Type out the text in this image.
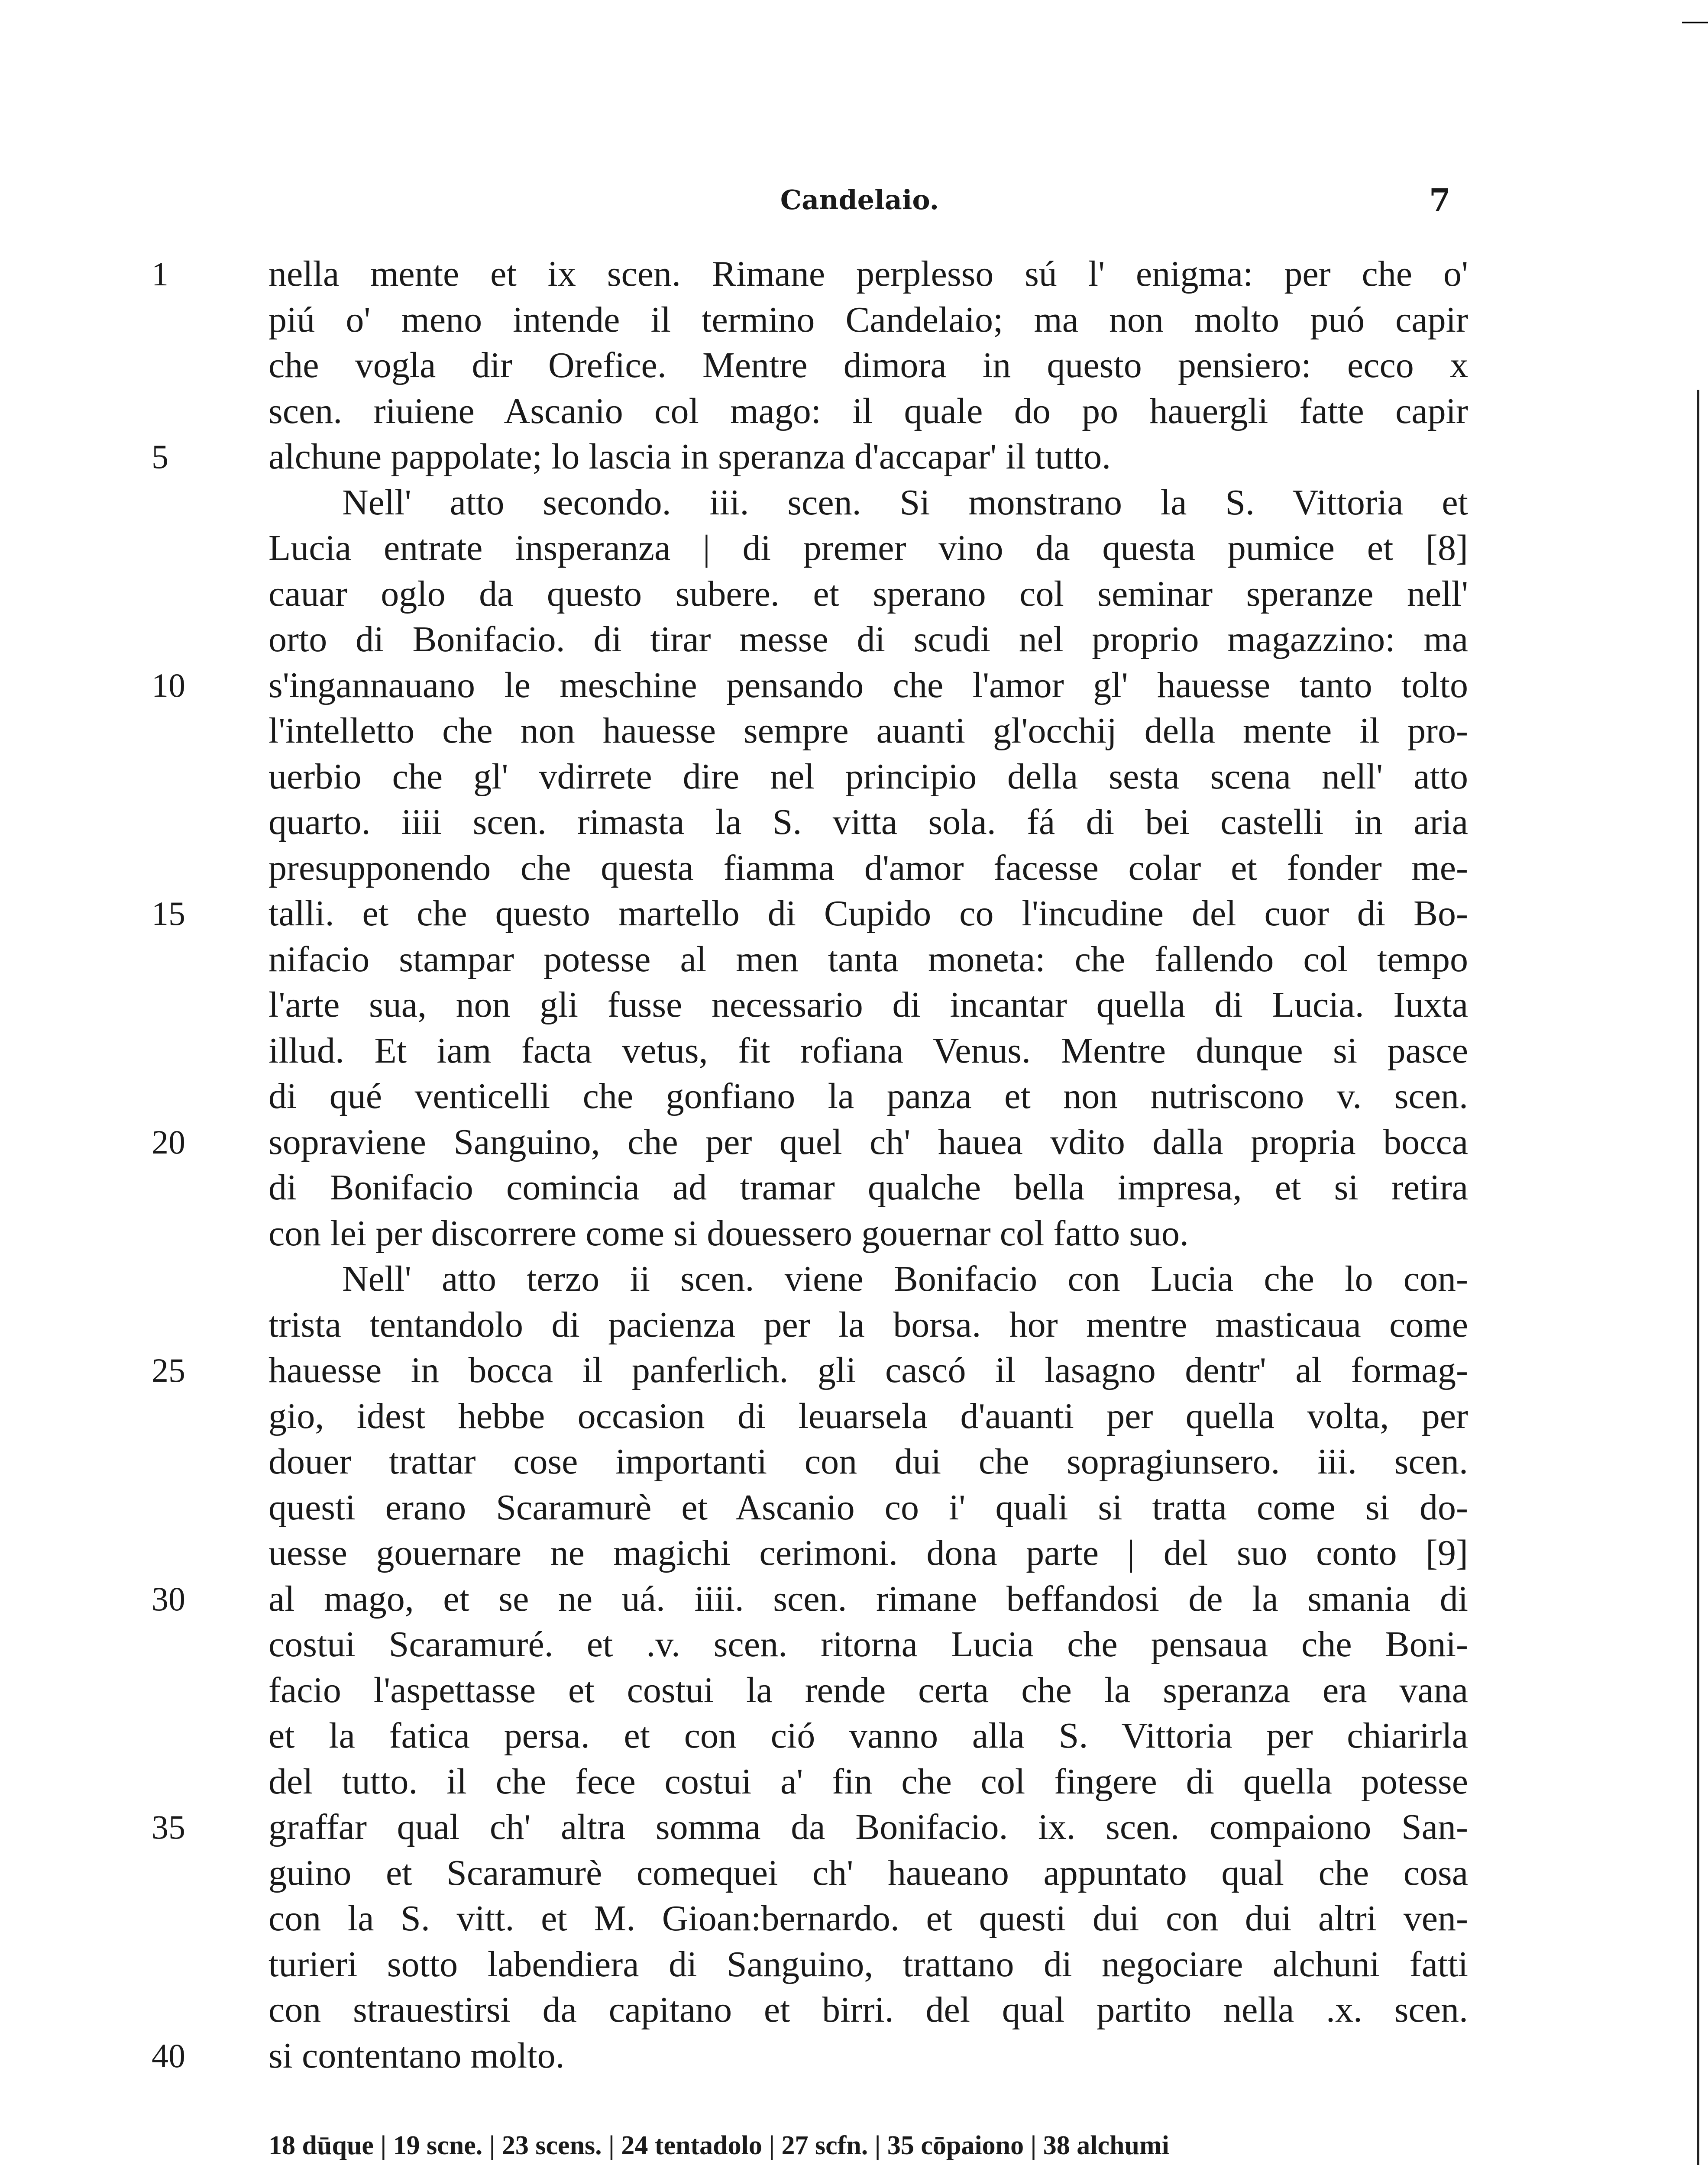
Candelaio.	7
1	nella mente et ix scen. Rimane perplesso sú l' enigma: per che o'
piú o' meno intende il termino Candelaio; ma non molto puó capir
che vogla dir Orefice. Mentre dimora in questo pensiero: ecco x
scen. riuiene Ascanio col mago: il quale do po hauergli fatte capir
5	alchune pappolate; lo lascia in speranza d'accapar' il tutto.
Nell' atto secondo. iii. scen. Si monstrano la S. Vittoria et
Lucia entrate insperanza | di premer vino da questa pumice et [8]
cauar oglo da questo subere. et sperano col seminar speranze nell'
orto di Bonifacio. di tirar messe di scudi nel proprio magazzino: ma
10	s'ingannauano le meschine pensando che l'amor gl' hauesse tanto tolto
l'intelletto che non hauesse sempre auanti gl'occhij della mente il pro-
uerbio che gl' vdirrete dire nel principio della sesta scena nell' atto
quarto. iiii scen. rimasta la S. vitta sola. fá di bei castelli in aria
presupponendo che questa fiamma d'amor facesse colar et fonder me-
15	talli. et che questo martello di Cupido co l'incudine del cuor di Bo-
nifacio stampar potesse al men tanta moneta: che fallendo col tempo
l'arte sua, non gli fusse necessario di incantar quella di Lucia. Iuxta
illud. Et iam facta vetus, fit rofiana Venus. Mentre dunque si pasce
di qué venticelli che gonfiano la panza et non nutriscono v. scen.
20	sopraviene Sanguino, che per quel ch' hauea vdito dalla propria bocca
di Bonifacio comincia ad tramar qualche bella impresa, et si retira
con lei per discorrere come si douessero gouernar col fatto suo.
Nell' atto terzo ii scen. viene Bonifacio con Lucia che lo con-
trista tentandolo di pacienza per la borsa. hor mentre masticaua come
25	hauesse in bocca il panferlich. gli cascó il lasagno dentr' al formag-
gio, idest hebbe occasion di leuarsela d'auanti per quella volta, per
douer trattar cose importanti con dui che sopragiunsero. iii. scen.
questi erano Scaramurè et Ascanio co i' quali si tratta come si do-
uesse gouernare ne magichi cerimoni. dona parte | del suo conto [9]
30	al mago, et se ne uá. iiii. scen. rimane beffandosi de la smania di
costui Scaramuré. et .v. scen. ritorna Lucia che pensaua che Boni-
facio l'aspettasse et costui la rende certa che la speranza era vana
et la fatica persa. et con ció vanno alla S. Vittoria per chiarirla
del tutto. il che fece costui a' fin che col fingere di quella potesse
35	graffar qual ch' altra somma da Bonifacio. ix. scen. compaiono San-
guino et Scaramurè comequei ch' haueano appuntato qual che cosa
con la S. vitt. et M. Gioan:bernardo. et questi dui con dui altri ven-
turieri sotto labendiera di Sanguino, trattano di negociare alchuni fatti
con strauestirsi da capitano et birri. del qual partito nella .x. scen.
40	si contentano molto.
18 dūque | 19 scne. | 23 scens. | 24 tentadolo | 27 scfn. | 35 cōpaiono | 38 alchumi
